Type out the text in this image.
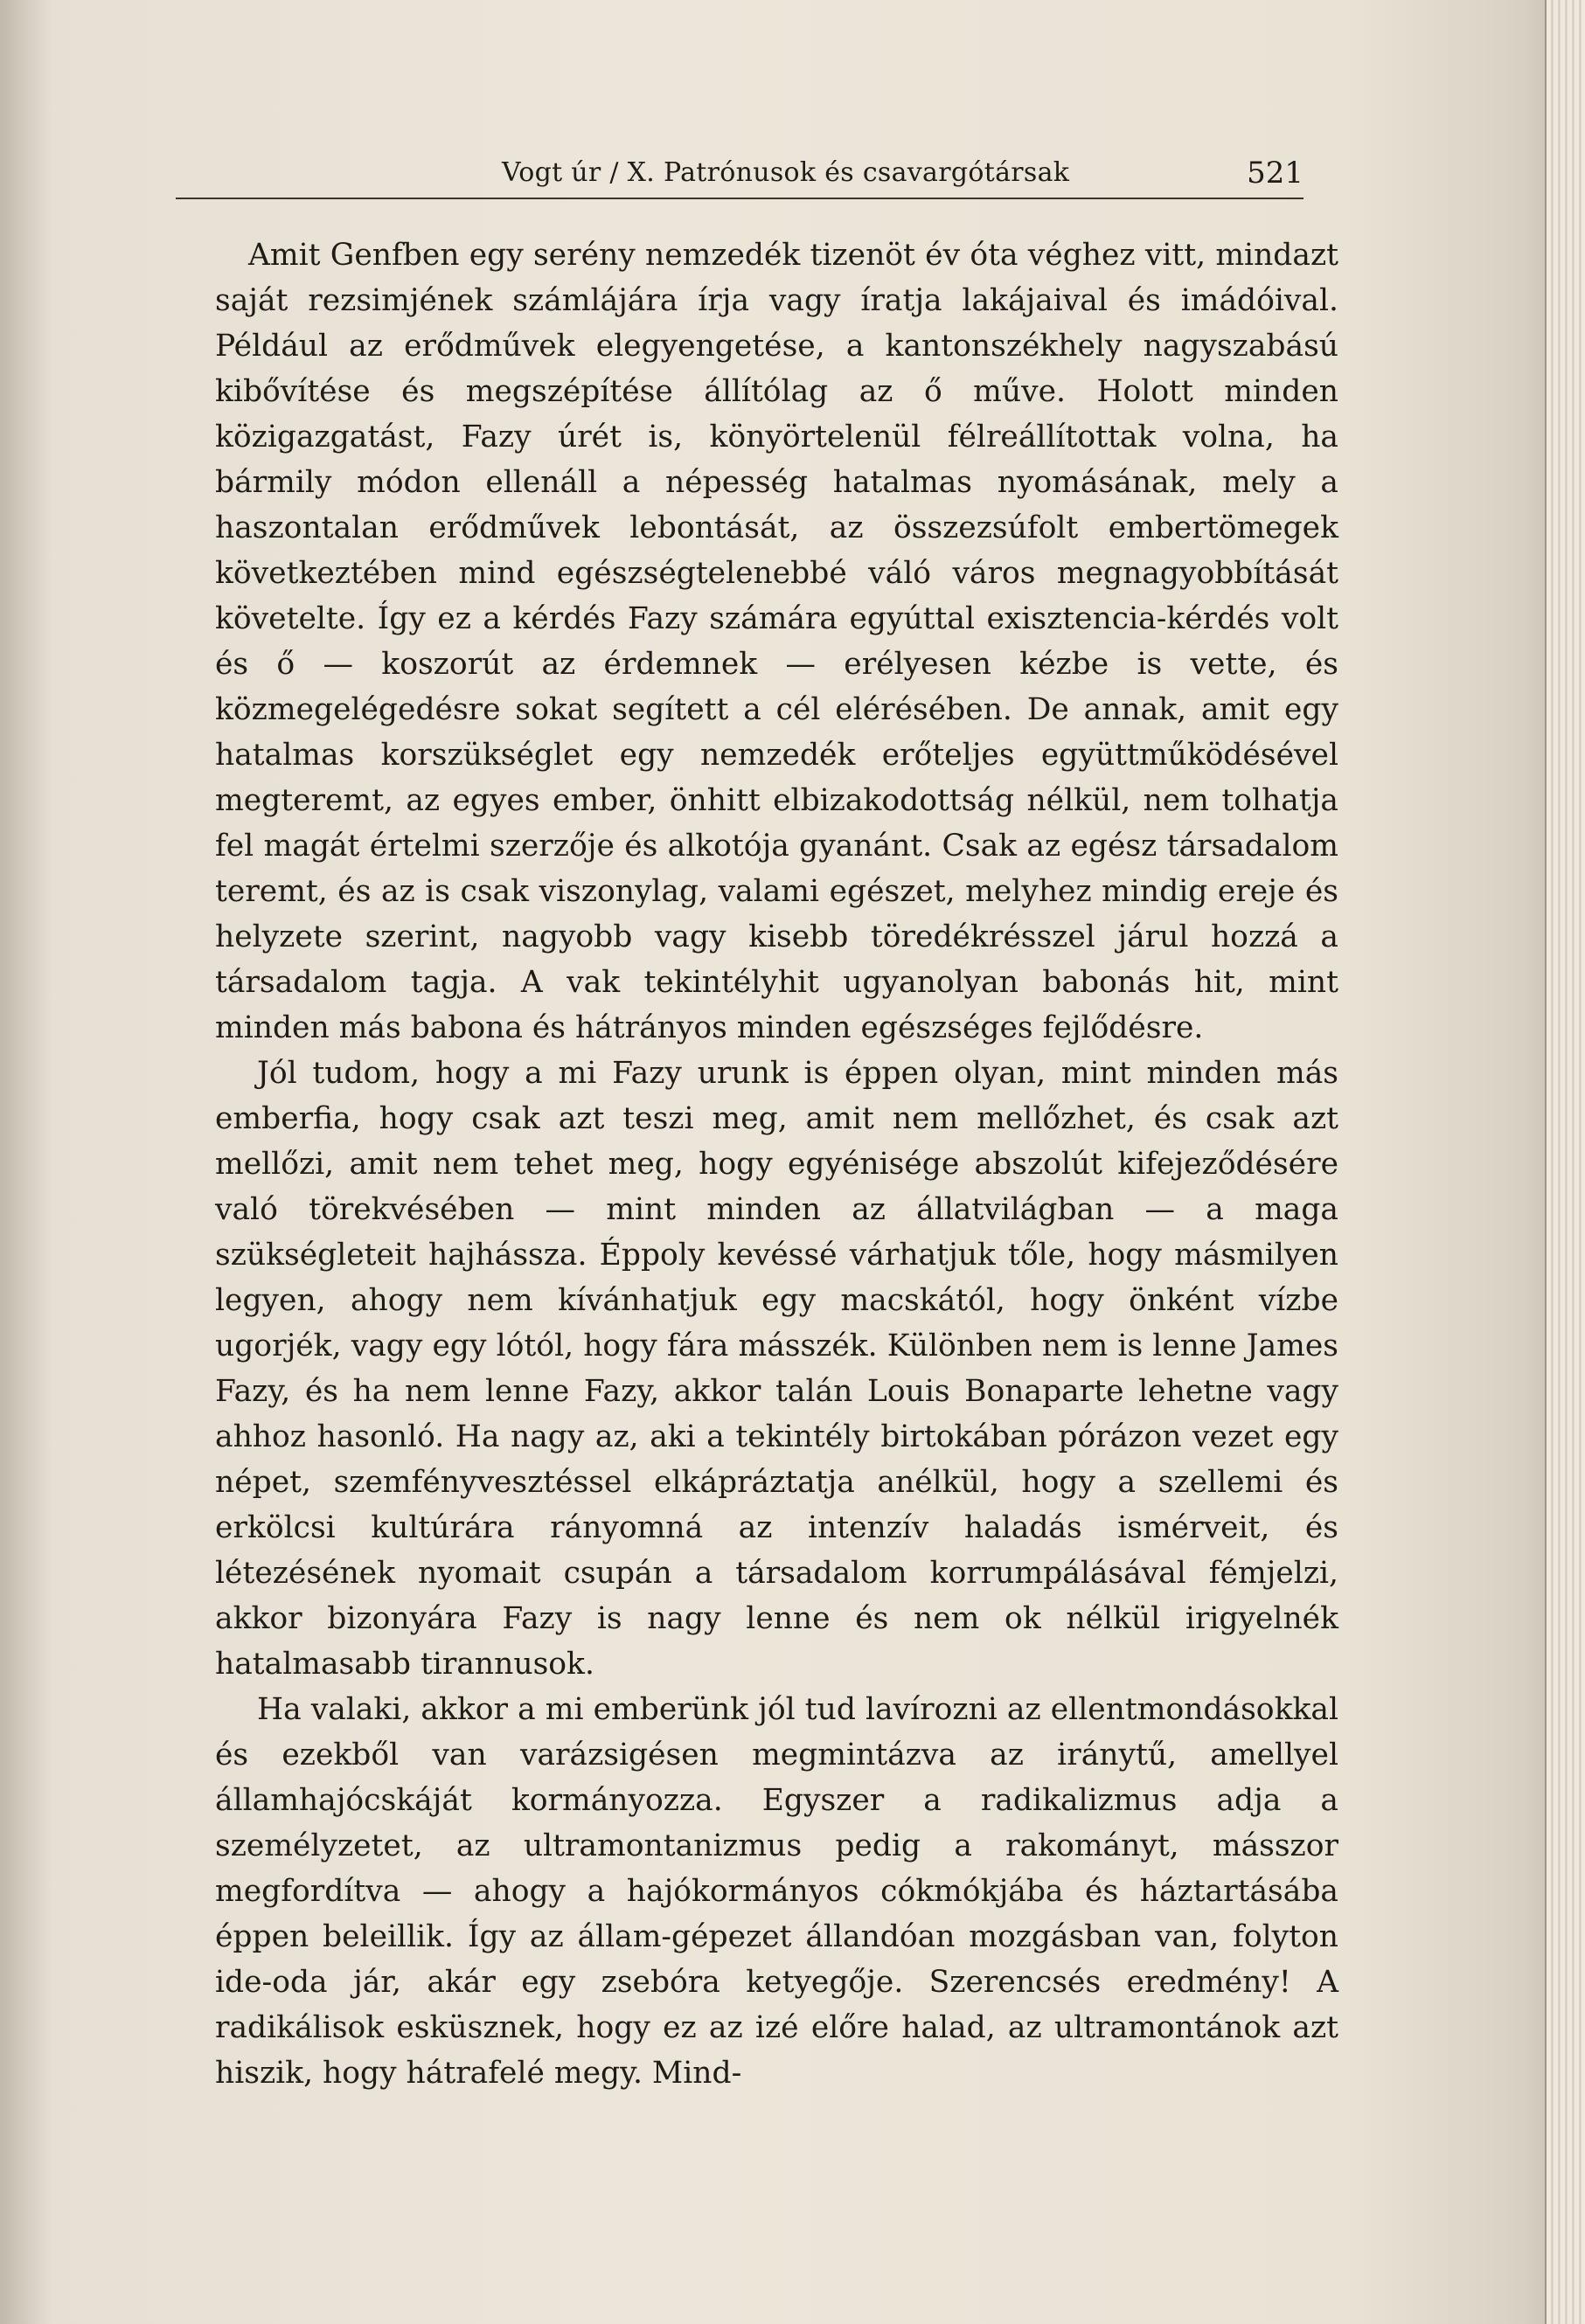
Vogt úr / X. Patrónusok és csavargótársak	521

Amit Genfben egy serény nemzedék tizenöt év óta véghez vitt, mindazt saját rezsimjének számlájára írja vagy íratja lakájaival és imádóival. Például az erődművek elegyengetése, a kantonszékhely nagyszabású kibővítése és megszépítése állítólag az ő műve. Holott minden közigazgatást, Fazy úrét is, könyörtelenül félreállítottak volna, ha bármily módon ellenáll a népesség hatalmas nyomásának, mely a haszontalan erődművek lebontását, az összezsúfolt embertömegek következtében mind egészségtelenebbé váló város megnagyobbítását követelte. Így ez a kérdés Fazy számára egyúttal exisztencia-kérdés volt és ő — koszorút az érdemnek — erélyesen kézbe is vette, és közmegelégedésre sokat segített a cél elérésében. De annak, amit egy hatalmas korszükséglet egy nemzedék erőteljes együttműködésével megteremt, az egyes ember, önhitt elbizakodottság nélkül, nem tolhatja fel magát értelmi szerzője és alkotója gyanánt. Csak az egész társadalom teremt, és az is csak viszonylag, valami egészet, melyhez mindig ereje és helyzete szerint, nagyobb vagy kisebb töredékrésszel járul hozzá a társadalom tagja. A vak tekintélyhit ugyanolyan babonás hit, mint minden más babona és hátrányos minden egészséges fejlődésre.

Jól tudom, hogy a mi Fazy urunk is éppen olyan, mint minden más emberfia, hogy csak azt teszi meg, amit nem mellőzhet, és csak azt mellőzi, amit nem tehet meg, hogy egyénisége abszolút kifejeződésére való törekvésében — mint minden az állatvilágban — a maga szükségleteit hajhássza. Éppoly kevéssé várhatjuk tőle, hogy másmilyen legyen, ahogy nem kívánhatjuk egy macskától, hogy önként vízbe ugorjék, vagy egy lótól, hogy fára másszék. Különben nem is lenne James Fazy, és ha nem lenne Fazy, akkor talán Louis Bonaparte lehetne vagy ahhoz hasonló. Ha nagy az, aki a tekintély birtokában pórázon vezet egy népet, szemfényvesztéssel elkápráztatja anélkül, hogy a szellemi és erkölcsi kultúrára rányomná az intenzív haladás ismérveit, és létezésének nyomait csupán a társadalom korrumpálásával fémjelzi, akkor bizonyára Fazy is nagy lenne és nem ok nélkül irigyelnék hatalmasabb tirannusok.

Ha valaki, akkor a mi emberünk jól tud lavírozni az ellentmondásokkal és ezekből van varázsigésen megmintázva az iránytű, amellyel államhajócskáját kormányozza. Egyszer a radikalizmus adja a személyzetet, az ultramontanizmus pedig a rakományt, másszor megfordítva — ahogy a hajókormányos cókmókjába és háztartásába éppen beleillik. Így az állam-gépezet állandóan mozgásban van, folyton ide-oda jár, akár egy zsebóra ketyegője. Szerencsés eredmény! A radikálisok esküsznek, hogy ez az izé előre halad, az ultramontánok azt hiszik, hogy hátrafelé megy. Mind-
